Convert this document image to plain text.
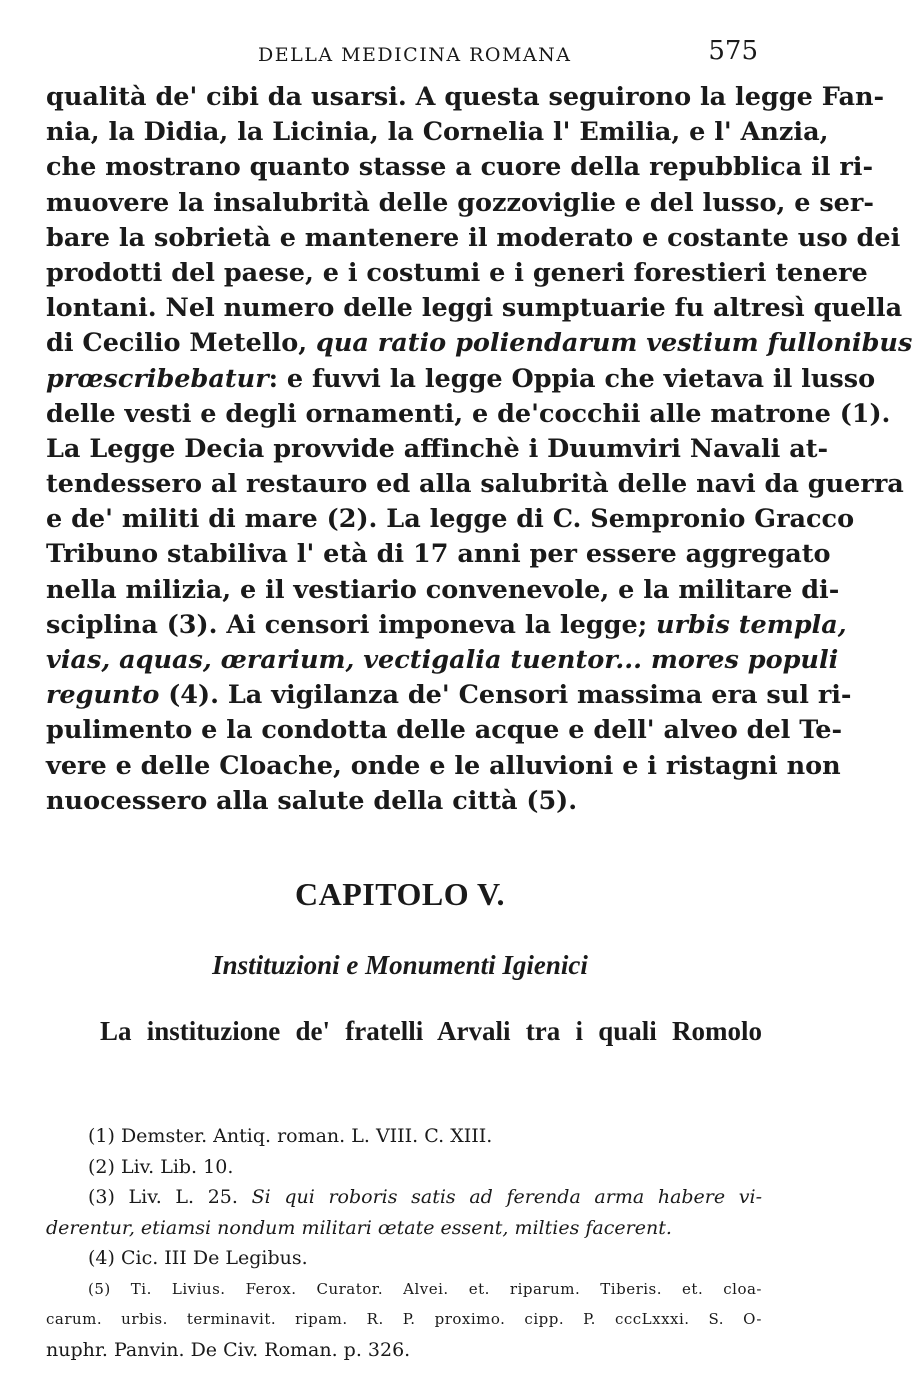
DELLA MEDICINA ROMANA	575
qualità de' cibi da usarsi. A questa seguirono la legge Fan-
nia, la Didia, la Licinia, la Cornelia l' Emilia, e l' Anzia,
che mostrano quanto stasse a cuore della repubblica il ri-
muovere la insalubrità delle gozzoviglie e del lusso, e ser-
bare la sobrietà e mantenere il moderato e costante uso dei
prodotti del paese, e i costumi e i generi forestieri tenere
lontani. Nel numero delle leggi sumptuarie fu altresì quella
di Cecilio Metello, qua ratio poliendarum vestium fullonibus
prœscribebatur: e fuvvi la legge Oppia che vietava il lusso
delle vesti e degli ornamenti, e de'cocchii alle matrone (1).
La Legge Decia provvide affinchè i Duumviri Navali at-
tendessero al restauro ed alla salubrità delle navi da guerra
e de' militi di mare (2). La legge di C. Sempronio Gracco
Tribuno stabiliva l' età di 17 anni per essere aggregato
nella milizia, e il vestiario convenevole, e la militare di-
sciplina (3). Ai censori imponeva la legge; urbis templa,
vias, aquas, œrarium, vectigalia tuentor... mores populi
regunto (4). La vigilanza de' Censori massima era sul ri-
pulimento e la condotta delle acque e dell' alveo del Te-
vere e delle Cloache, onde e le alluvioni e i ristagni non
nuocessero alla salute della città (5).
CAPITOLO V.
Instituzioni e Monumenti Igienici
La instituzione de' fratelli Arvali tra i quali Romolo
(1) Demster. Antiq. roman. L. VIII. C. XIII.
(2) Liv. Lib. 10.
(3) Liv. L. 25. Si qui roboris satis ad ferenda arma habere vi-
derentur, etiamsi nondum militari œtate essent, milties facerent.
(4) Cic. III De Legibus.
(5) Ti. Livius. Ferox. Curator. Alvei. et. riparum. Tiberis. et. cloa-
carum. urbis. terminavit. ripam. R. P. proximo. cipp. P. cccLxxxi. S. O-
nuphr. Panvin. De Civ. Roman. p. 326.
